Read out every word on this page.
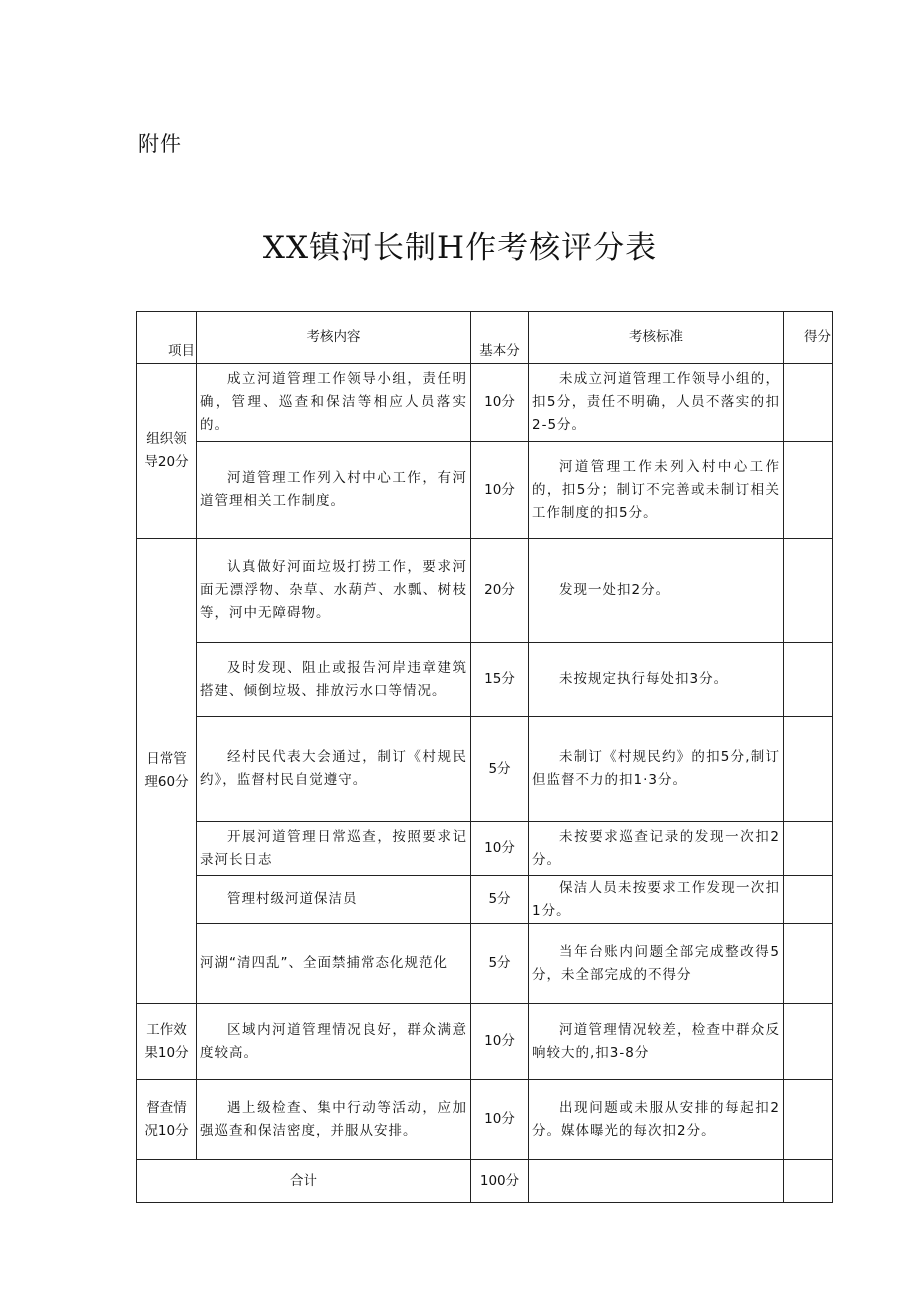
附件
XX镇河长制H作考核评分表
项目	考核内容	基本分	考核标准	得分
组织领导20分	成立河道管理工作领导小组，责任明确，管理、巡查和保洁等相应人员落实的。	10分	未成立河道管理工作领导小组的，扣5分，责任不明确，人员不落实的扣2-5分。	
	河道管理工作列入村中心工作，有河道管理相关工作制度。	10分	河道管理工作未列入村中心工作的，扣5分；制订不完善或未制订相关工作制度的扣5分。	
日常管理60分	认真做好河面垃圾打捞工作，要求河面无漂浮物、杂草、水葫芦、水瓢、树枝等，河中无障碍物。	20分	发现一处扣2分。	
	及时发现、阻止或报告河岸违章建筑搭建、倾倒垃圾、排放污水口等情况。	15分	未按规定执行每处扣3分。	
	经村民代表大会通过，制订《村规民约》，监督村民自觉遵守。	5分	未制订《村规民约》的扣5分,制订但监督不力的扣1·3分。	
	开展河道管理日常巡查，按照要求记录河长日志	10分	未按要求巡查记录的发现一次扣2分。	
	管理村级河道保洁员	5分	保洁人员未按要求工作发现一次扣1分。	
	河湖“清四乱”、全面禁捕常态化规范化	5分	当年台账内问题全部完成整改得5分，未全部完成的不得分	
工作效果10分	区域内河道管理情况良好，群众满意度较高。	10分	河道管理情况较差，检查中群众反响较大的,扣3-8分	
督查情况10分	遇上级检查、集中行动等活动，应加强巡查和保洁密度，并服从安排。	10分	出现问题或未服从安排的每起扣2分。媒体曝光的每次扣2分。	
合计		100分		
